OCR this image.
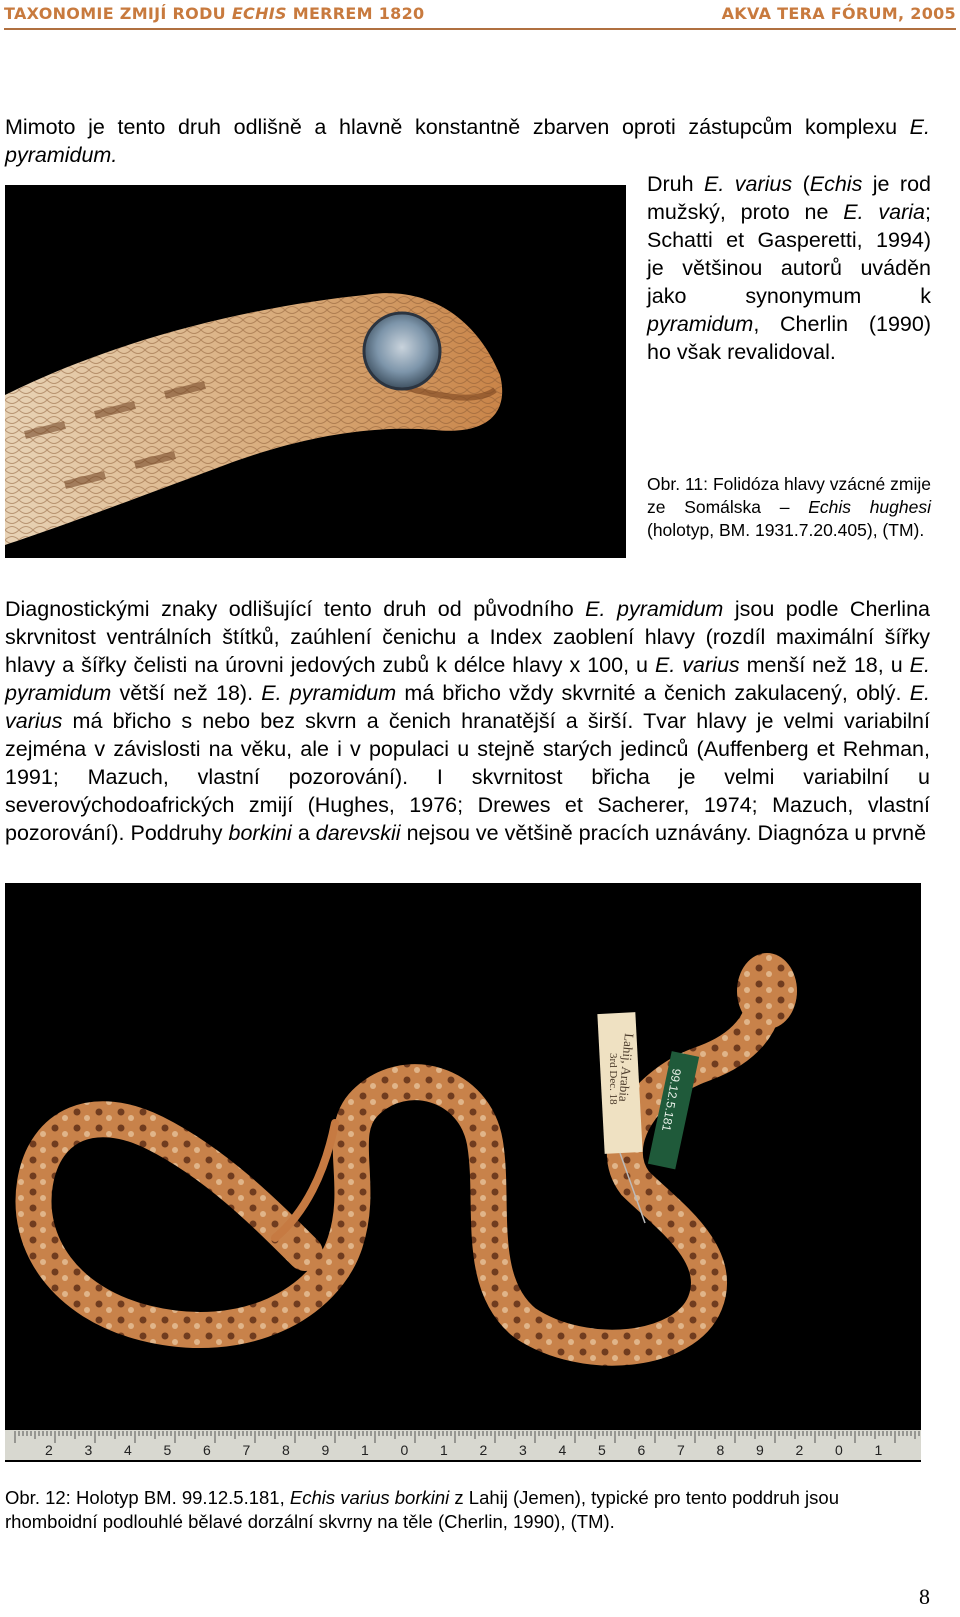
TAXONOMIE ZMIJÍ RODU ECHIS MERREM 1820	AKVA TERA FÓRUM, 2005
Mimoto je tento druh odlišně a hlavně konstantně zbarven oproti zástupcům komplexu E. pyramidum.
Druh E. varius (Echis je rod mužský, proto ne E. varia; Schatti et Gasperetti, 1994) je většinou autorů uváděn jako synonymum k pyramidum, Cherlin (1990) ho však revalidoval.
Obr. 11: Folidóza hlavy vzácné zmije ze Somálska – Echis hughesi (holotyp, BM. 1931.7.20.405), (TM).
Diagnostickými znaky odlišující tento druh od původního E. pyramidum jsou podle Cherlina skrvnitost ventrálních štítků, zaúhlení čenichu a Index zaoblení hlavy (rozdíl maximální šířky hlavy a šířky čelisti na úrovni jedových zubů k délce hlavy x 100, u E. varius menší než 18, u E. pyramidum větší než 18). E. pyramidum má břicho vždy skvrnité a čenich zakulacený, oblý. E. varius má břicho s nebo bez skvrn a čenich hranatější a širší. Tvar hlavy je velmi variabilní zejména v závislosti na věku, ale i v populaci u stejně starých jedinců (Auffenberg et Rehman, 1991; Mazuch, vlastní pozorování). I skvrnitost břicha je velmi variabilní u severovýchodoafrických zmijí (Hughes, 1976; Drewes et Sacherer, 1974; Mazuch, vlastní pozorování). Poddruhy borkini a darevskii nejsou ve většině pracích uznávány. Diagnóza u prvně
Lahij, Arabia
3rd Dec. 18	99.12.5.181
2 3 4 5 6 7 8 9 1 0 1 2 3 4 5 6 7 8 9 2 0 1
Obr. 12: Holotyp BM. 99.12.5.181, Echis varius borkini z Lahij (Jemen), typické pro tento poddruh jsou rhomboidní podlouhlé bělavé dorzální skvrny na těle (Cherlin, 1990), (TM).
8
